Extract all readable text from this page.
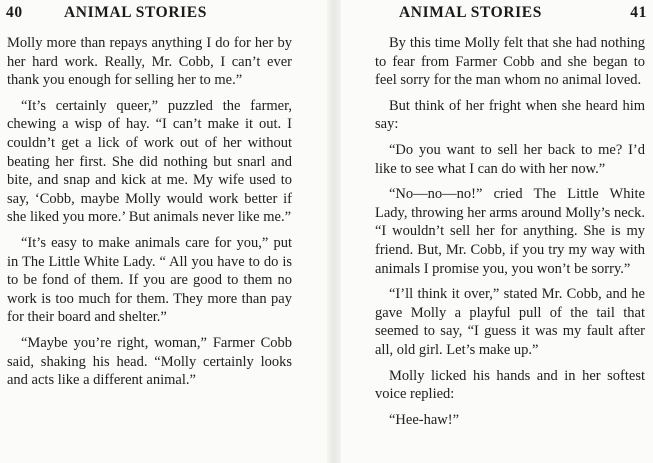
40	ANIMAL STORIES

Molly more than repays anything I do for her by her hard work. Really, Mr. Cobb, I can’t ever thank you enough for selling her to me.”

“It’s certainly queer,” puzzled the farmer, chewing a wisp of hay. “I can’t make it out. I couldn’t get a lick of work out of her without beating her first. She did nothing but snarl and bite, and snap and kick at me. My wife used to say, ‘Cobb, maybe Molly would work better if she liked you more.’ But animals never like me.”

“It’s easy to make animals care for you,” put in The Little White Lady. “ All you have to do is to be fond of them. If you are good to them no work is too much for them. They more than pay for their board and shelter.”

“Maybe you’re right, woman,” Farmer Cobb said, shaking his head. “Molly certainly looks and acts like a different animal.”

ANIMAL STORIES	41

By this time Molly felt that she had nothing to fear from Farmer Cobb and she began to feel sorry for the man whom no animal loved.

But think of her fright when she heard him say:

“Do you want to sell her back to me? I’d like to see what I can do with her now.”

“No—no—no!” cried The Little White Lady, throwing her arms around Molly’s neck. “I wouldn’t sell her for anything. She is my friend. But, Mr. Cobb, if you try my way with animals I promise you, you won’t be sorry.”

“I’ll think it over,” stated Mr. Cobb, and he gave Molly a playful pull of the tail that seemed to say, “I guess it was my fault after all, old girl. Let’s make up.”

Molly licked his hands and in her softest voice replied:

“Hee-haw!”
